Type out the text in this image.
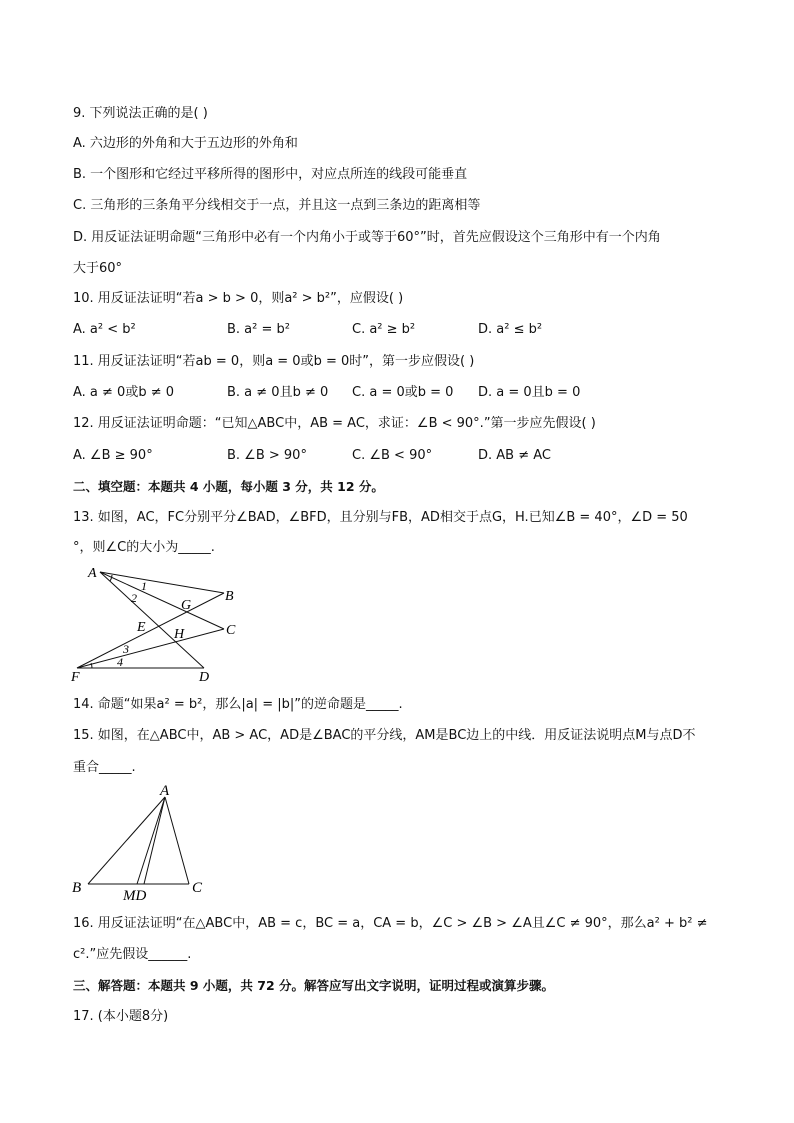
9. 下列说法正确的是( )
A. 六边形的外角和大于五边形的外角和
B. 一个图形和它经过平移所得的图形中，对应点所连的线段可能垂直
C. 三角形的三条角平分线相交于一点，并且这一点到三条边的距离相等
D. 用反证法证明命题“三角形中必有一个内角小于或等于60°”时，首先应假设这个三角形中有一个内角
大于60°
10. 用反证法证明“若a > b > 0，则a² > b²”，应假设( )
A. a² < b²	B. a² = b²	C. a² ≥ b²	D. a² ≤ b²
11. 用反证法证明“若ab = 0，则a = 0或b = 0时”，第一步应假设( )
A. a ≠ 0或b ≠ 0	B. a ≠ 0且b ≠ 0 C. a = 0或b = 0 D. a = 0且b = 0
12. 用反证法证明命题：“已知△ABC中，AB = AC，求证：∠B < 90°.”第一步应先假设( )
A. ∠B ≥ 90°	B. ∠B > 90°	C. ∠B < 90°	D. AB ≠ AC
二、填空题：本题共 4 小题，每小题 3 分，共 12 分。
13. 如图，AC，FC分别平分∠BAD，∠BFD，且分别与FB，AD相交于点G，H.已知∠B = 40°，∠D = 50
°，则∠C的大小为_____.
A
B
C
D
E
F
G
H
1
2
3
4
14. 命题“如果a² = b²，那么|a| = |b|”的逆命题是_____.
15. 如图，在△ABC中，AB > AC，AD是∠BAC的平分线，AM是BC边上的中线．用反证法说明点M与点D不
重合_____.
A
B	C
MD
16. 用反证法证明“在△ABC中，AB = c，BC = a，CA = b，∠C > ∠B > ∠A且∠C ≠ 90°，那么a² + b² ≠
c².”应先假设______.
三、解答题：本题共 9 小题，共 72 分。解答应写出文字说明，证明过程或演算步骤。
17. (本小题8分)
